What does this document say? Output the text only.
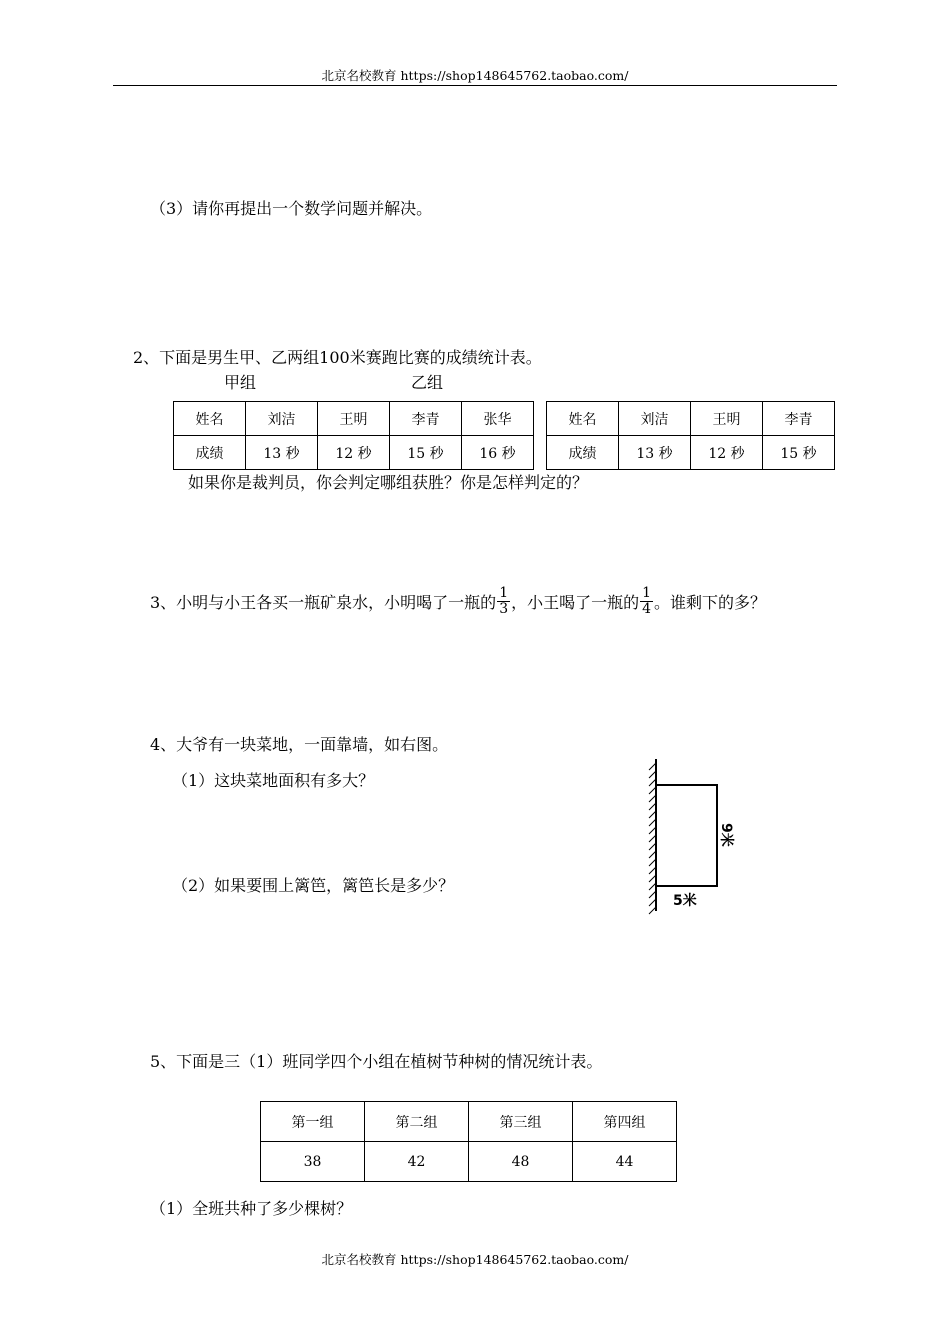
北京名校教育 https://shop148645762.taobao.com/
（3）请你再提出一个数学问题并解决。
2、下面是男生甲、乙两组100米赛跑比赛的成绩统计表。
甲组	乙组
姓名	刘洁	王明	李青	张华
成绩	13 秒	12 秒	15 秒	16 秒
姓名	刘洁	王明	李青
成绩	13 秒	12 秒	15 秒
如果你是裁判员，你会判定哪组获胜？你是怎样判定的？
3、小明与小王各买一瓶矿泉水，小明喝了一瓶的 $\frac{1}{3}$ ，小王喝了一瓶的 $\frac{1}{4}$ 。谁剩下的多？
4、大爷有一块菜地，一面靠墙，如右图。
（1）这块菜地面积有多大？
（2）如果要围上篱笆，篱笆长是多少？
9米
5米
5、下面是三（1）班同学四个小组在植树节种树的情况统计表。
第一组	第二组	第三组	第四组
38	42	48	44
（1）全班共种了多少棵树？
北京名校教育 https://shop148645762.taobao.com/
